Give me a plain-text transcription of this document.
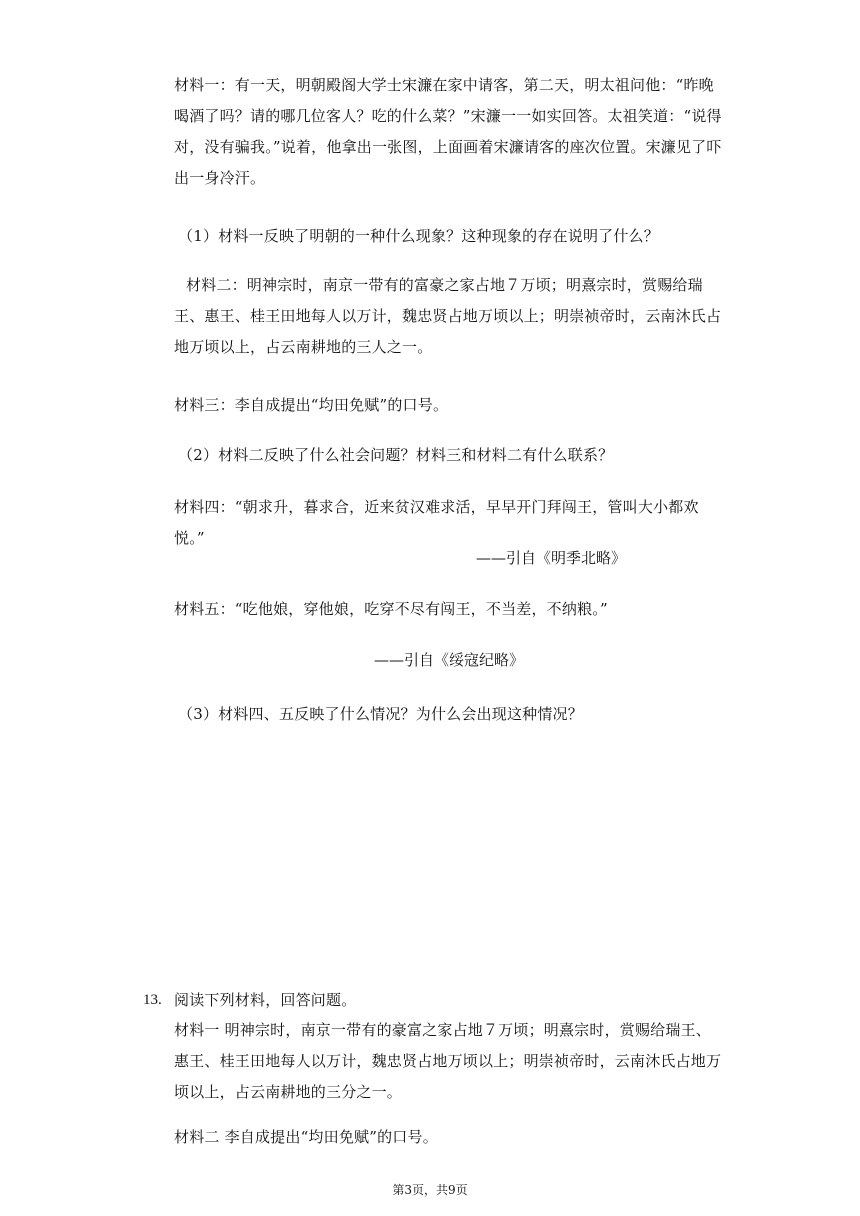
材料一：有一天，明朝殿阁大学士宋濂在家中请客，第二天，明太祖问他：“昨晚喝酒了吗？请的哪几位客人？吃的什么菜？”宋濂一一如实回答。太祖笑道：“说得对，没有骗我。”说着，他拿出一张图，上面画着宋濂请客的座次位置。宋濂见了吓出一身冷汗。

（1）材料一反映了明朝的一种什么现象？这种现象的存在说明了什么？

材料二：明神宗时，南京一带有的富豪之家占地７万顷；明熹宗时，赏赐给瑞王、惠王、桂王田地每人以万计，魏忠贤占地万顷以上；明崇祯帝时，云南沐氏占地万顷以上，占云南耕地的三人之一。

材料三：李自成提出“均田免赋”的口号。

（2）材料二反映了什么社会问题？材料三和材料二有什么联系？

材料四：“朝求升，暮求合，近来贫汉难求活，早早开门拜闯王，管叫大小都欢悦。”

——引自《明季北略》

材料五：“吃他娘，穿他娘，吃穿不尽有闯王，不当差，不纳粮。”

——引自《绥寇纪略》

（3）材料四、五反映了什么情况？为什么会出现这种情况？

13. 阅读下列材料，回答问题。

材料一 明神宗时，南京一带有的豪富之家占地７万顷；明熹宗时，赏赐给瑞王、惠王、桂王田地每人以万计，魏忠贤占地万顷以上；明崇祯帝时，云南沐氏占地万顷以上，占云南耕地的三分之一。

材料二 李自成提出“均田免赋”的口号。

第3页，共9页
